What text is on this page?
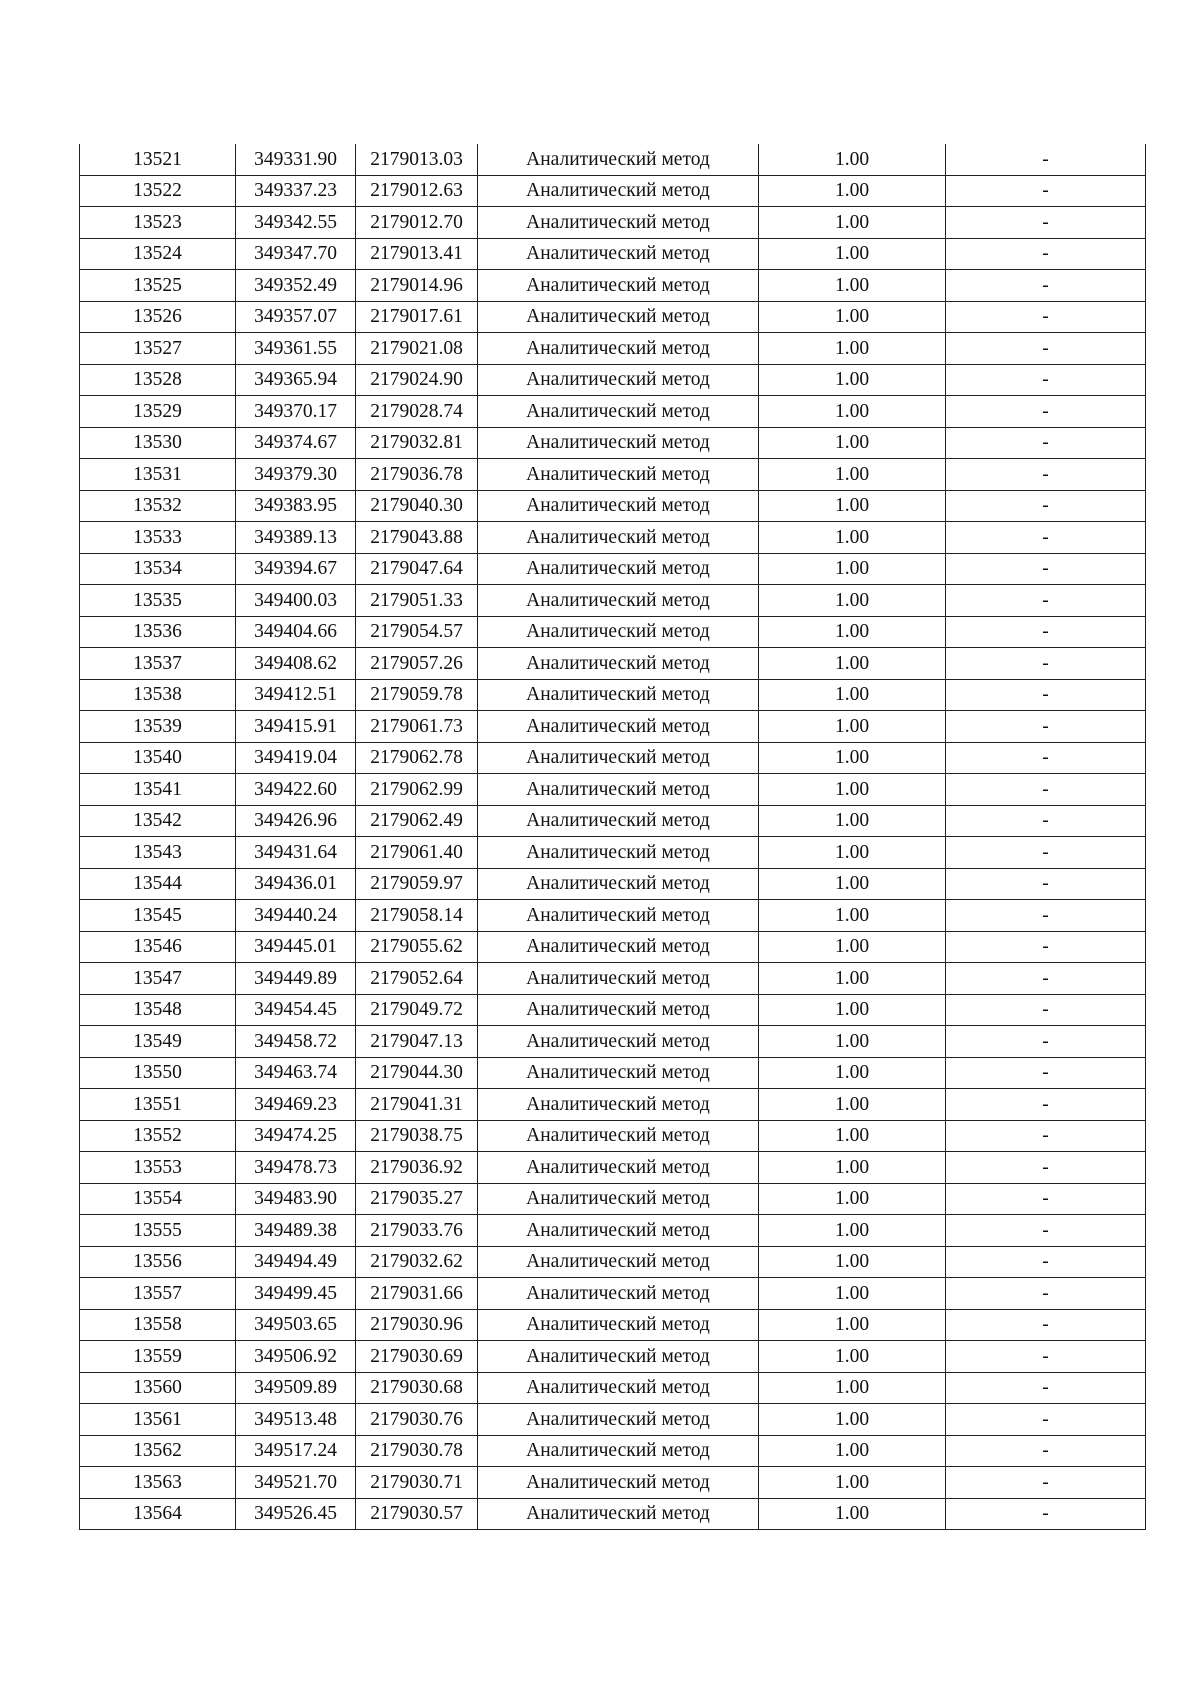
13521	349331.90	2179013.03	Аналитический метод	1.00	-
13522	349337.23	2179012.63	Аналитический метод	1.00	-
13523	349342.55	2179012.70	Аналитический метод	1.00	-
13524	349347.70	2179013.41	Аналитический метод	1.00	-
13525	349352.49	2179014.96	Аналитический метод	1.00	-
13526	349357.07	2179017.61	Аналитический метод	1.00	-
13527	349361.55	2179021.08	Аналитический метод	1.00	-
13528	349365.94	2179024.90	Аналитический метод	1.00	-
13529	349370.17	2179028.74	Аналитический метод	1.00	-
13530	349374.67	2179032.81	Аналитический метод	1.00	-
13531	349379.30	2179036.78	Аналитический метод	1.00	-
13532	349383.95	2179040.30	Аналитический метод	1.00	-
13533	349389.13	2179043.88	Аналитический метод	1.00	-
13534	349394.67	2179047.64	Аналитический метод	1.00	-
13535	349400.03	2179051.33	Аналитический метод	1.00	-
13536	349404.66	2179054.57	Аналитический метод	1.00	-
13537	349408.62	2179057.26	Аналитический метод	1.00	-
13538	349412.51	2179059.78	Аналитический метод	1.00	-
13539	349415.91	2179061.73	Аналитический метод	1.00	-
13540	349419.04	2179062.78	Аналитический метод	1.00	-
13541	349422.60	2179062.99	Аналитический метод	1.00	-
13542	349426.96	2179062.49	Аналитический метод	1.00	-
13543	349431.64	2179061.40	Аналитический метод	1.00	-
13544	349436.01	2179059.97	Аналитический метод	1.00	-
13545	349440.24	2179058.14	Аналитический метод	1.00	-
13546	349445.01	2179055.62	Аналитический метод	1.00	-
13547	349449.89	2179052.64	Аналитический метод	1.00	-
13548	349454.45	2179049.72	Аналитический метод	1.00	-
13549	349458.72	2179047.13	Аналитический метод	1.00	-
13550	349463.74	2179044.30	Аналитический метод	1.00	-
13551	349469.23	2179041.31	Аналитический метод	1.00	-
13552	349474.25	2179038.75	Аналитический метод	1.00	-
13553	349478.73	2179036.92	Аналитический метод	1.00	-
13554	349483.90	2179035.27	Аналитический метод	1.00	-
13555	349489.38	2179033.76	Аналитический метод	1.00	-
13556	349494.49	2179032.62	Аналитический метод	1.00	-
13557	349499.45	2179031.66	Аналитический метод	1.00	-
13558	349503.65	2179030.96	Аналитический метод	1.00	-
13559	349506.92	2179030.69	Аналитический метод	1.00	-
13560	349509.89	2179030.68	Аналитический метод	1.00	-
13561	349513.48	2179030.76	Аналитический метод	1.00	-
13562	349517.24	2179030.78	Аналитический метод	1.00	-
13563	349521.70	2179030.71	Аналитический метод	1.00	-
13564	349526.45	2179030.57	Аналитический метод	1.00	-
